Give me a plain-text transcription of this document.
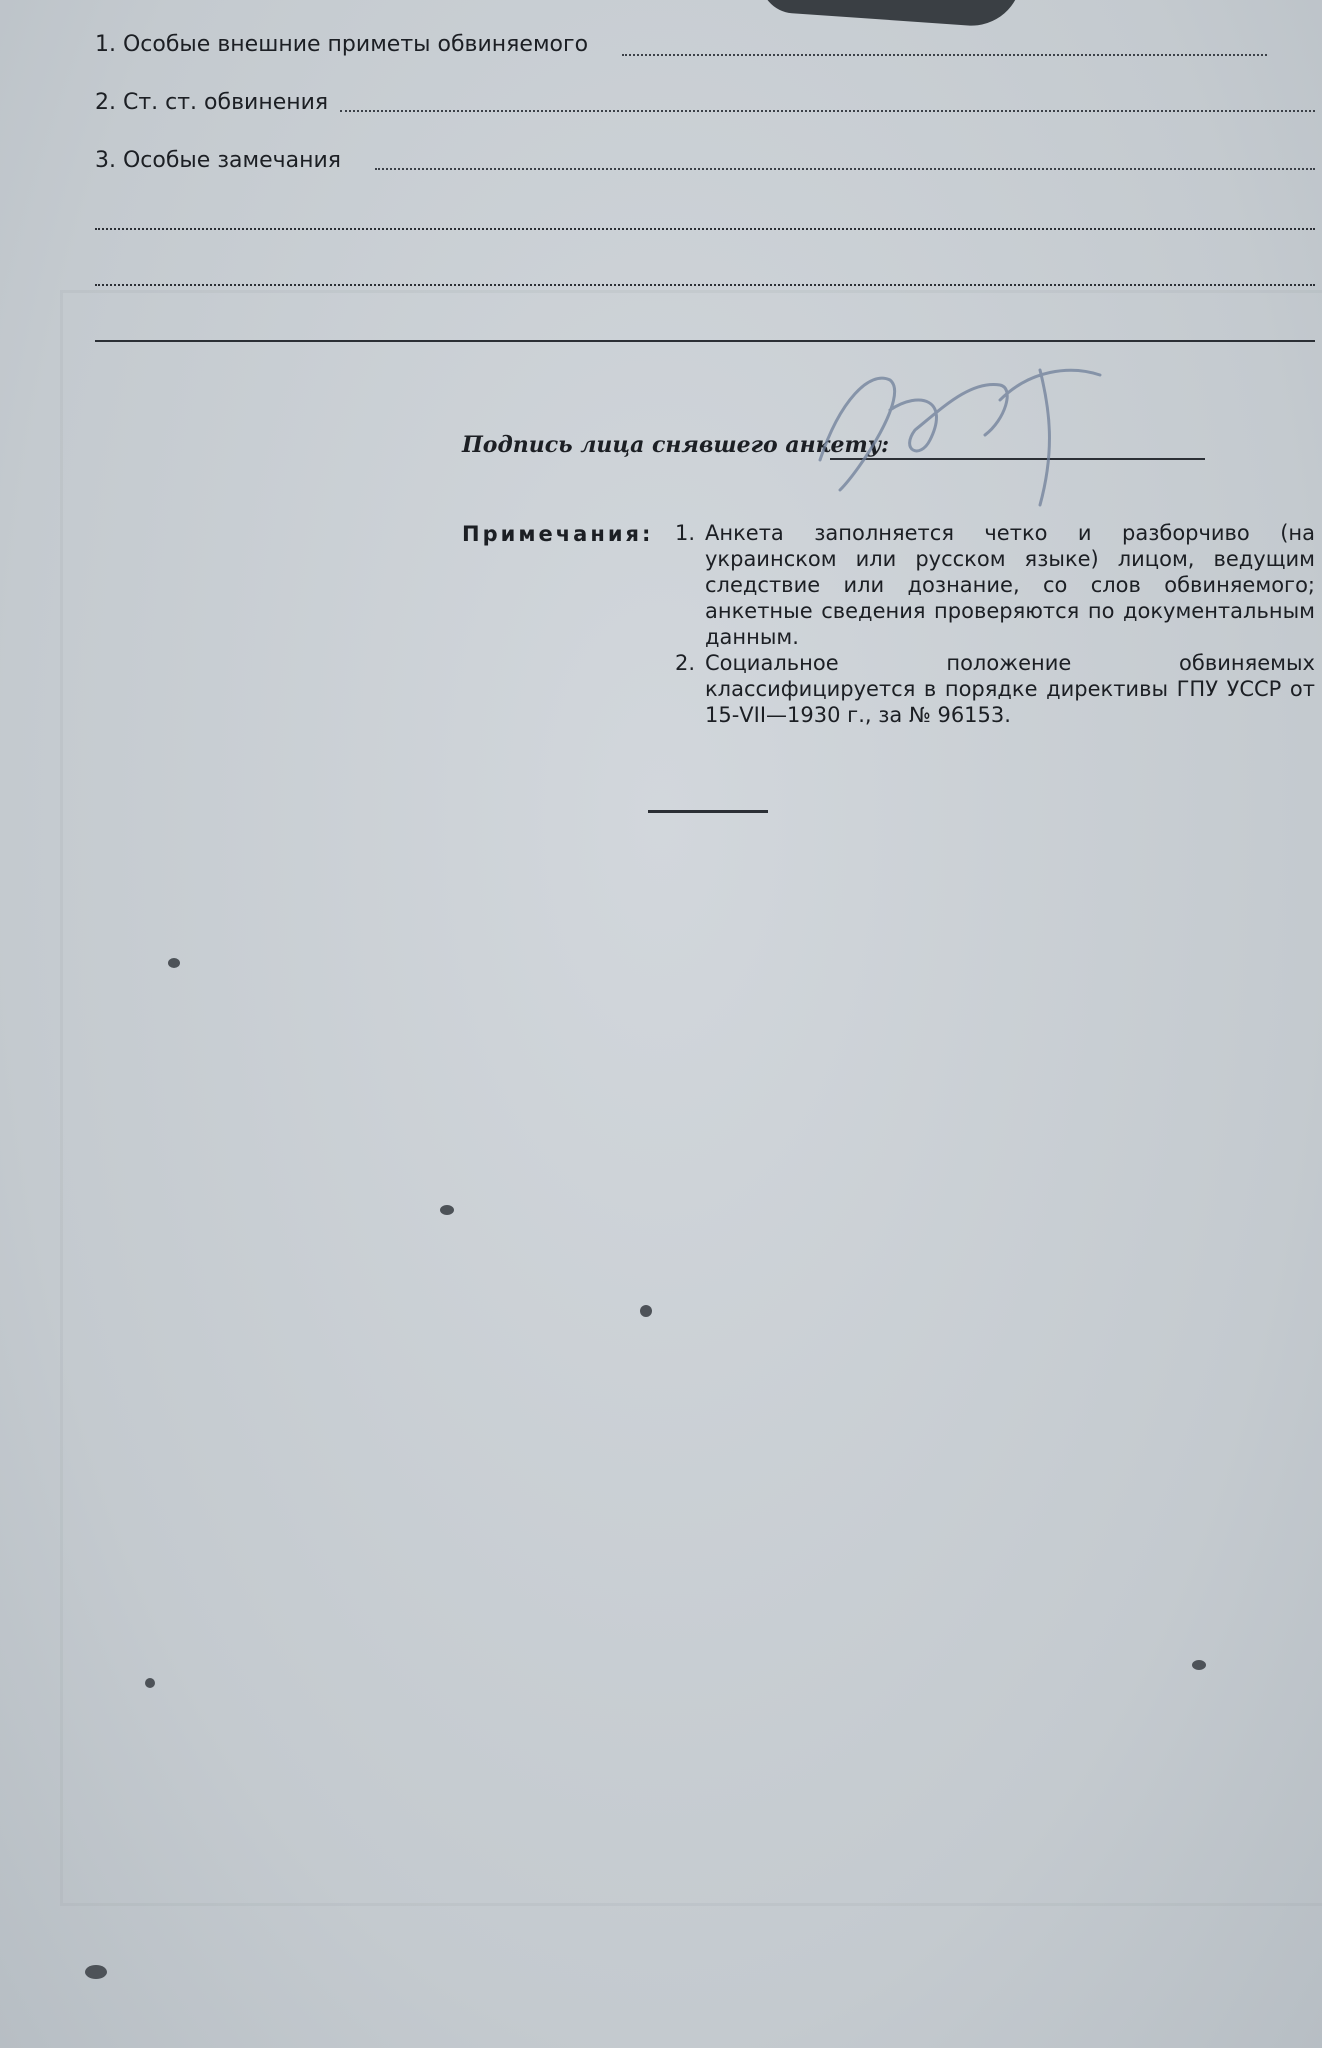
1. Особые внешние приметы обвиняемого
2. Ст. ст. обвинения
3. Особые замечания
Подпись лица снявшего анкету:
Примечания: 1. Анкета заполняется четко и разборчиво (на украинском или русском языке) лицом, ведущим следствие или дознание, со слов обвиняемого; анкетные сведения проверяются по документальным данным.
2. Социальное положение обвиняемых классифицируется в порядке директивы ГПУ УССР от 15-VII—1930 г., за № 96153.
